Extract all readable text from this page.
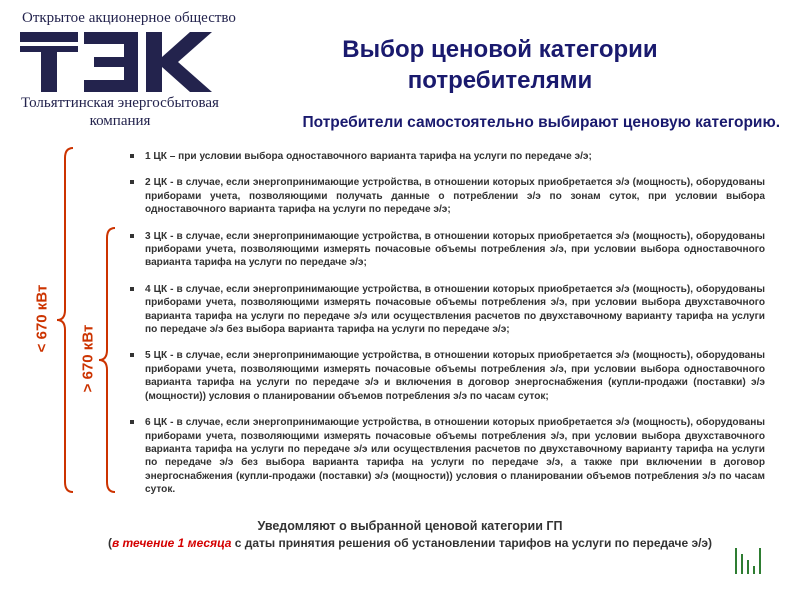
Открытое акционерное общество
Тольяттинская энергосбытовая
компания
Выбор ценовой категории
потребителями
Потребители самостоятельно выбирают ценовую категорию.
< 670 кВт
> 670 кВт
1 ЦК – при условии выбора одноставочного варианта тарифа на услуги по передаче э/э;
2 ЦК - в случае, если энергопринимающие устройства, в отношении которых приобретается э/э (мощность), оборудованы приборами учета, позволяющими получать данные о потреблении э/э по зонам суток, при условии выбора одноставочного варианта тарифа на услуги по передаче э/э;
3 ЦК - в случае, если энергопринимающие устройства, в отношении которых приобретается э/э (мощность), оборудованы приборами учета, позволяющими измерять почасовые объемы потребления э/э, при условии выбора одноставочного варианта тарифа на услуги по передаче э/э;
4 ЦК - в случае, если энергопринимающие устройства, в отношении которых приобретается э/э (мощность), оборудованы приборами учета, позволяющими измерять почасовые объемы потребления э/э, при условии выбора двухставочного варианта тарифа на услуги по передаче э/э или осуществления расчетов по двухставочному варианту тарифа на услуги по передаче э/э без выбора варианта тарифа на услуги по передаче э/э;
5 ЦК - в случае, если энергопринимающие устройства, в отношении которых приобретается э/э (мощность), оборудованы приборами учета, позволяющими измерять почасовые объемы потребления э/э, при условии выбора одноставочного варианта тарифа на услуги по передаче э/э и включения в договор энергоснабжения (купли-продажи (поставки) э/э (мощности)) условия о планировании объемов потребления э/э по часам суток;
6 ЦК - в случае, если энергопринимающие устройства, в отношении которых приобретается э/э (мощность), оборудованы приборами учета, позволяющими измерять почасовые объемы потребления э/э, при условии выбора двухставочного варианта тарифа на услуги по передаче э/э или осуществления расчетов по двухставочному варианту тарифа на услуги по передаче э/э без выбора варианта тарифа на услуги по передаче э/э, а также при включении в договор энергоснабжения (купли-продажи (поставки) э/э (мощности)) условия о планировании объемов потребления э/э по часам суток.
Уведомляют о выбранной ценовой категории ГП
(в течение 1 месяца с даты принятия решения об установлении тарифов на услуги по передаче э/э)
